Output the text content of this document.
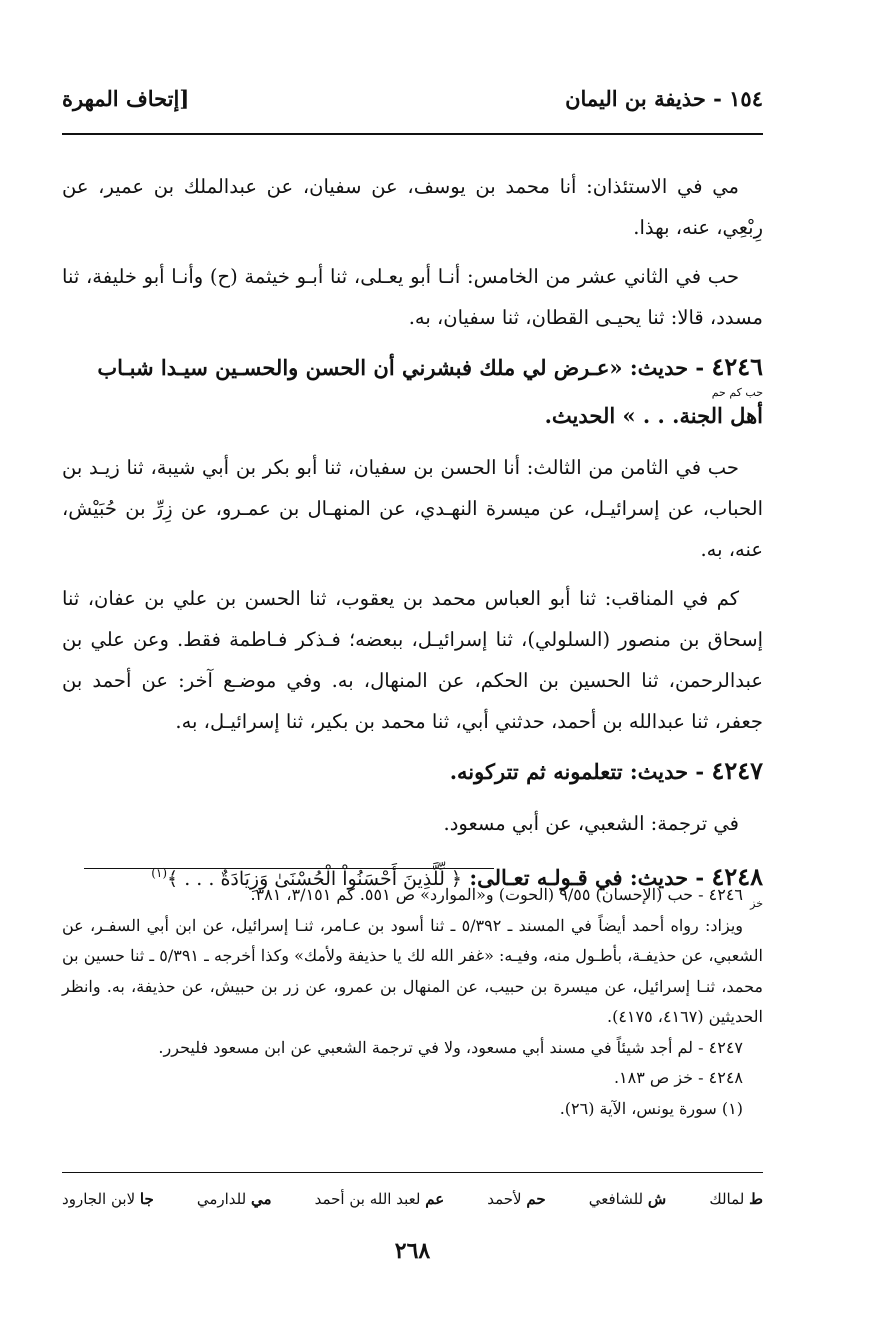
١٥٤ - حذيفة بن اليمان
[إتحاف المهرة

مي في الاستئذان: أنا محمد بن يوسف، عن سفيان، عن عبدالملك بن عمير، عن رِبْعِي، عنه، بهذا.

حب في الثاني عشر من الخامس: أنـا أبو يعـلى، ثنا أبـو خيثمة (ح) وأنـا أبو خليفة، ثنا مسدد، قالا: ثنا يحيـى القطان، ثنا سفيان، به.

٤٢٤٦ - حديث: «عـرض لي ملك فبشرني أن الحسن والحسـين سيـدا شبـاب
حب كم حم
أهل الجنة. . . » الحديث.

حب في الثامن من الثالث: أنا الحسن بن سفيان، ثنا أبو بكر بن أبي شيبة، ثنا زيـد بن الحباب، عن إسرائيـل، عن ميسرة النهـدي، عن المنهـال بن عمـرو، عن زِرِّ بن حُبَيْش، عنه، به.

كم في المناقب: ثنا أبو العباس محمد بن يعقوب، ثنا الحسن بن علي بن عفان، ثنا إسحاق بن منصور (السلولي)، ثنا إسرائيـل، ببعضه؛ فـذكر فـاطمة فقط. وعن علي بن عبدالرحمن، ثنا الحسين بن الحكم، عن المنهال، به. وفي موضـع آخر: عن أحمد بن جعفر، ثنا عبدالله بن أحمد، حدثني أبي، ثنا محمد بن بكير، ثنا إسرائيـل، به.

٤٢٤٧ - حديث: تتعلمونه ثم تتركونه.

في ترجمة: الشعبي، عن أبي مسعود.

٤٢٤٨ - حديث: في قـولـه تعـالى: ﴿ لِّلَّذِينَ أَحْسَنُواْ الْحُسْنَىٰ وَزِيَادَةٌ . . . ﴾$^{(١)}$
خز

٤٢٤٦ - حب (الإحسان) ٩/٥٥ (الحوت) و«الموارد» ص ٥٥١. كم ٣/١٥١، ٣٨١.

ويزاد: رواه أحمد أيضاً في المسند ـ ٥/٣٩٢ ـ ثنا أسود بن عـامر، ثنـا إسرائيل، عن ابن أبي السفـر، عن الشعبي، عن حذيفـة، بأطـول منه، وفيـه: «غفر الله لك يا حذيفة ولأمك» وكذا أخرجه ـ ٥/٣٩١ ـ ثنا حسين بن محمد، ثنـا إسرائيل، عن ميسرة بن حبيب، عن المنهال بن عمرو، عن زر بن حبيش، عن حذيفة، به. وانظر الحديثين (٤١٦٧، ٤١٧٥).

٤٢٤٧ - لم أجد شيئاً في مسند أبي مسعود، ولا في ترجمة الشعبي عن ابن مسعود فليحرر.

٤٢٤٨ - خز ص ١٨٣.

(١) سورة يونس، الآية (٢٦).

ط لمالك
ش للشافعي
حم لأحمد
عم لعبد الله بن أحمد
مي للدارمي
جا لابن الجارود
٢٦٨
